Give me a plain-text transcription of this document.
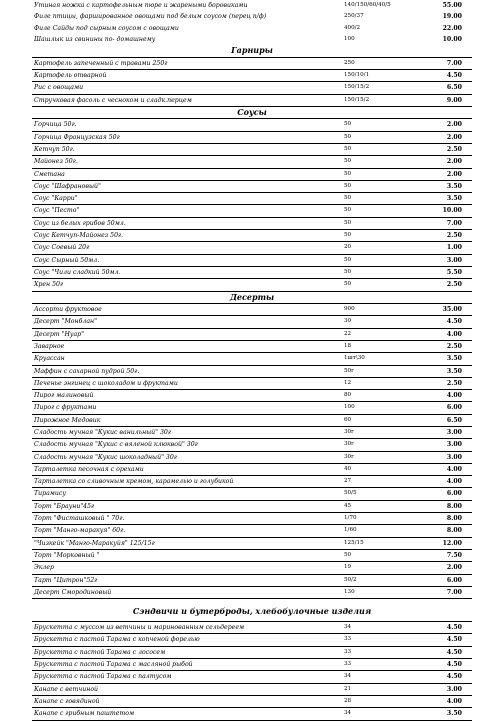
Утиная ножка с картофельным пюре и жареными боровиками	140/150/60/40/5	55.00
Филе птицы, фаршированное овощами под белым соусом (перец п/ф)	250/37	19.00
Филе Сайды под сырным соусом с овощами	400/2	22.00
Шашлык из свинины по- домашнему	100	10.00
Гарниры
Картофель запеченный с травами 250г	250	7.00
Картофель отварной	150/10/1	4.50
Рис с овощами	150/15/2	6.50
Стручковая фасоль с чесноком и сладк.перцем	150/15/2	9.00
Соусы
Горчица 50г.	50	2.00
Горчица Французская 50г	50	2.00
Кетчуп 50г.	50	2.50
Майонез 50г.	50	2.00
Сметана	50	2.00
Соус "Шафрановый"	50	3.50
Соус "Карри"	50	3.50
Соус "Песто"	50	10.00
Соус из белых грибов 50мл.	50	7.00
Соус Кетчуп-Майонез 50г.	50	2.50
Соус Соевый 20г	20	1.00
Соус Сырный 50мл.	50	3.00
Соус "Чили сладкий 50мл.	50	5.50
Хрен 50г	50	2.50
Десерты
Ассорти фруктовое	900	35.00
Десерт "Монблан"	30	4.50
Десерт "Нуар"	22	4.00
Заварное	18	2.50
Круассан	1шт\30	3.50
Маффин с сахарной пудрой 50г.	50г	3.50
Печенье энгинец с шоколадом и фруктами	12	2.50
Пирог малиновый	80	4.00
Пирог с фруктами	100	6.00
Пирожное Медовик	60	6.50
Сладость мучная "Кукис ванильный" 30г	30г	3.00
Сладость мучная "Кукис с вяленой клюквой" 30г	30г	3.00
Сладость мучная "Кукис шоколадный" 30г	30г	3.00
Тарталетка песочная с орехами	40	4.00
Тарталетка со сливочным кремом, карамелью и голубикой	27	4.00
Тирамису	50/5	6.00
Торт "Брауни"45г	45	8.00
Торт "Фисташковый " 70г.	1/70	8.00
Торт "Манго-маракуя" 60г.	1/60	8.00
"Чизкейк "Манго-Маракуйя" 125/15г	125/15	12.00
Торт "Морковный "	50	7.50
Эклер	19	2.00
Тарт "Цитрон"52г	50/2	6.00
Десерт Смородиновый	130	7.00
Сэндвичи и бутерброды, хлебобулочные изделия
Брускетта с муссом из ветчины и маринованным сельдереем	34	4.50
Брускетта с пастой Тарама с копченой форелью	33	4.50
Брускетта с пастой Тарама с лососем	33	4.50
Брускетта с пастой Тарама с масляной рыбой	33	4.50
Брускетта с пастой Тарама с палтусом	34	4.50
Канапе с ветчиной	21	3.00
Канапе с говядиной	28	4.00
Канапе с грибным паштетом	34	3.50
